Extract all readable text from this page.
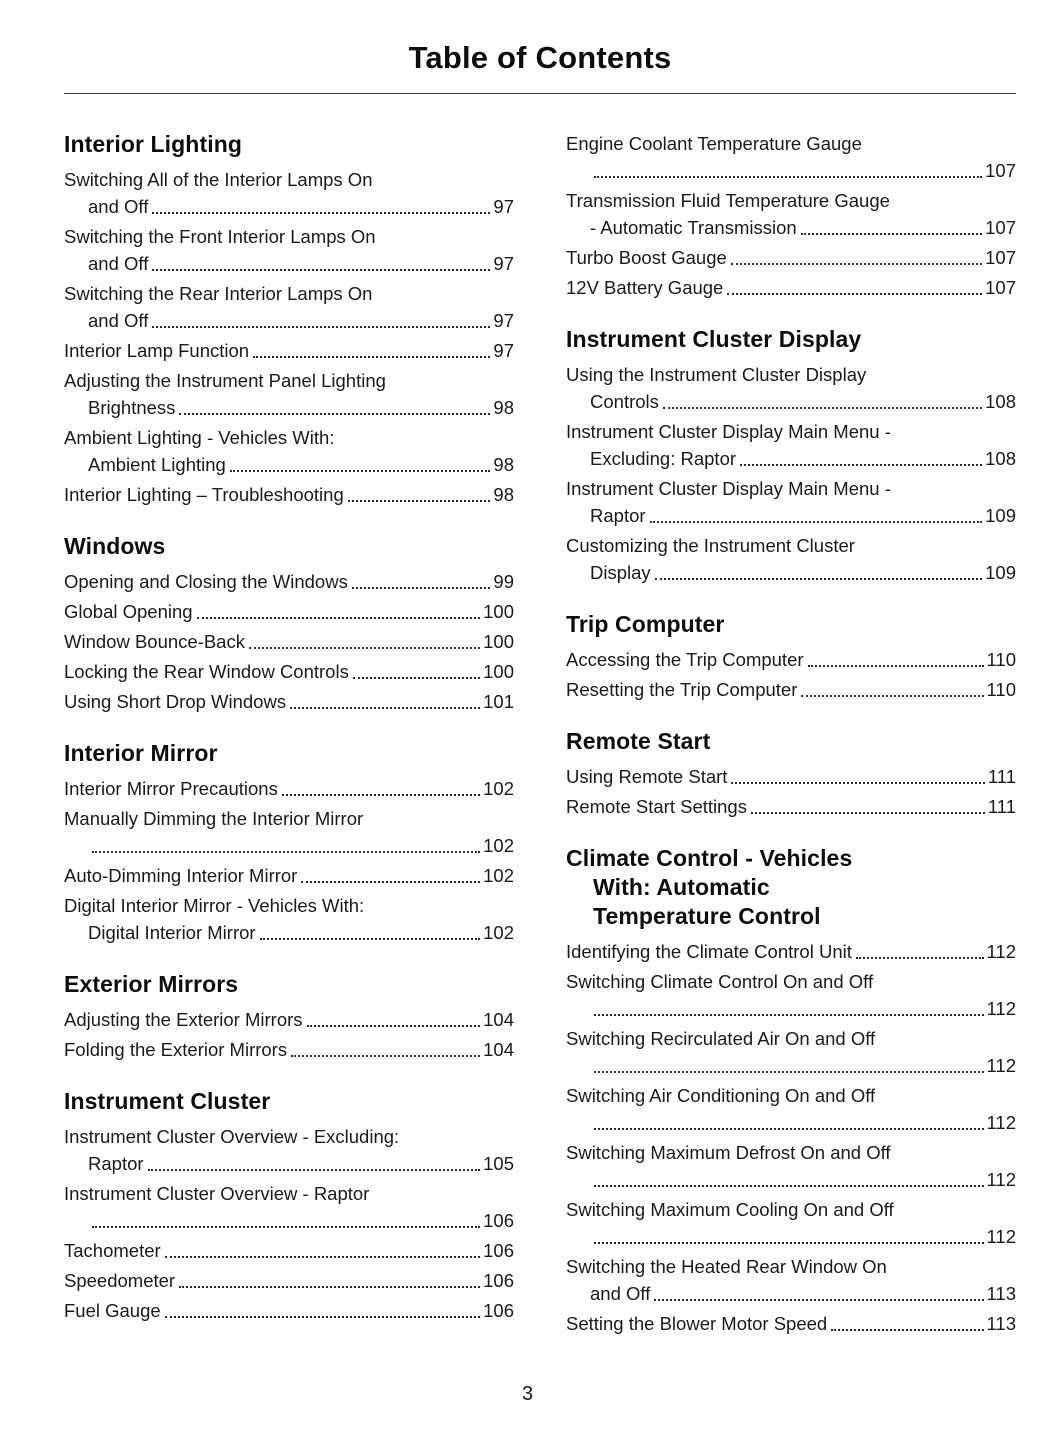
Table of Contents
Interior Lighting
Switching All of the Interior Lamps On
and Off	97
Switching the Front Interior Lamps On
and Off	97
Switching the Rear Interior Lamps On
and Off	97
Interior Lamp Function	97
Adjusting the Instrument Panel Lighting
Brightness	98
Ambient Lighting - Vehicles With:
Ambient Lighting	98
Interior Lighting – Troubleshooting	98
Windows
Opening and Closing the Windows	99
Global Opening	100
Window Bounce-Back	100
Locking the Rear Window Controls	100
Using Short Drop Windows	101
Interior Mirror
Interior Mirror Precautions	102
Manually Dimming the Interior Mirror
102
Auto-Dimming Interior Mirror	102
Digital Interior Mirror - Vehicles With:
Digital Interior Mirror	102
Exterior Mirrors
Adjusting the Exterior Mirrors	104
Folding the Exterior Mirrors	104
Instrument Cluster
Instrument Cluster Overview - Excluding:
Raptor	105
Instrument Cluster Overview - Raptor
106
Tachometer	106
Speedometer	106
Fuel Gauge	106
Engine Coolant Temperature Gauge
107
Transmission Fluid Temperature Gauge
- Automatic Transmission	107
Turbo Boost Gauge	107
12V Battery Gauge	107
Instrument Cluster Display
Using the Instrument Cluster Display
Controls	108
Instrument Cluster Display Main Menu -
Excluding: Raptor	108
Instrument Cluster Display Main Menu -
Raptor	109
Customizing the Instrument Cluster
Display	109
Trip Computer
Accessing the Trip Computer	110
Resetting the Trip Computer	110
Remote Start
Using Remote Start	111
Remote Start Settings	111
Climate Control - Vehicles
With: Automatic
Temperature Control
Identifying the Climate Control Unit	112
Switching Climate Control On and Off
112
Switching Recirculated Air On and Off
112
Switching Air Conditioning On and Off
112
Switching Maximum Defrost On and Off
112
Switching Maximum Cooling On and Off
112
Switching the Heated Rear Window On
and Off	113
Setting the Blower Motor Speed	113
3
